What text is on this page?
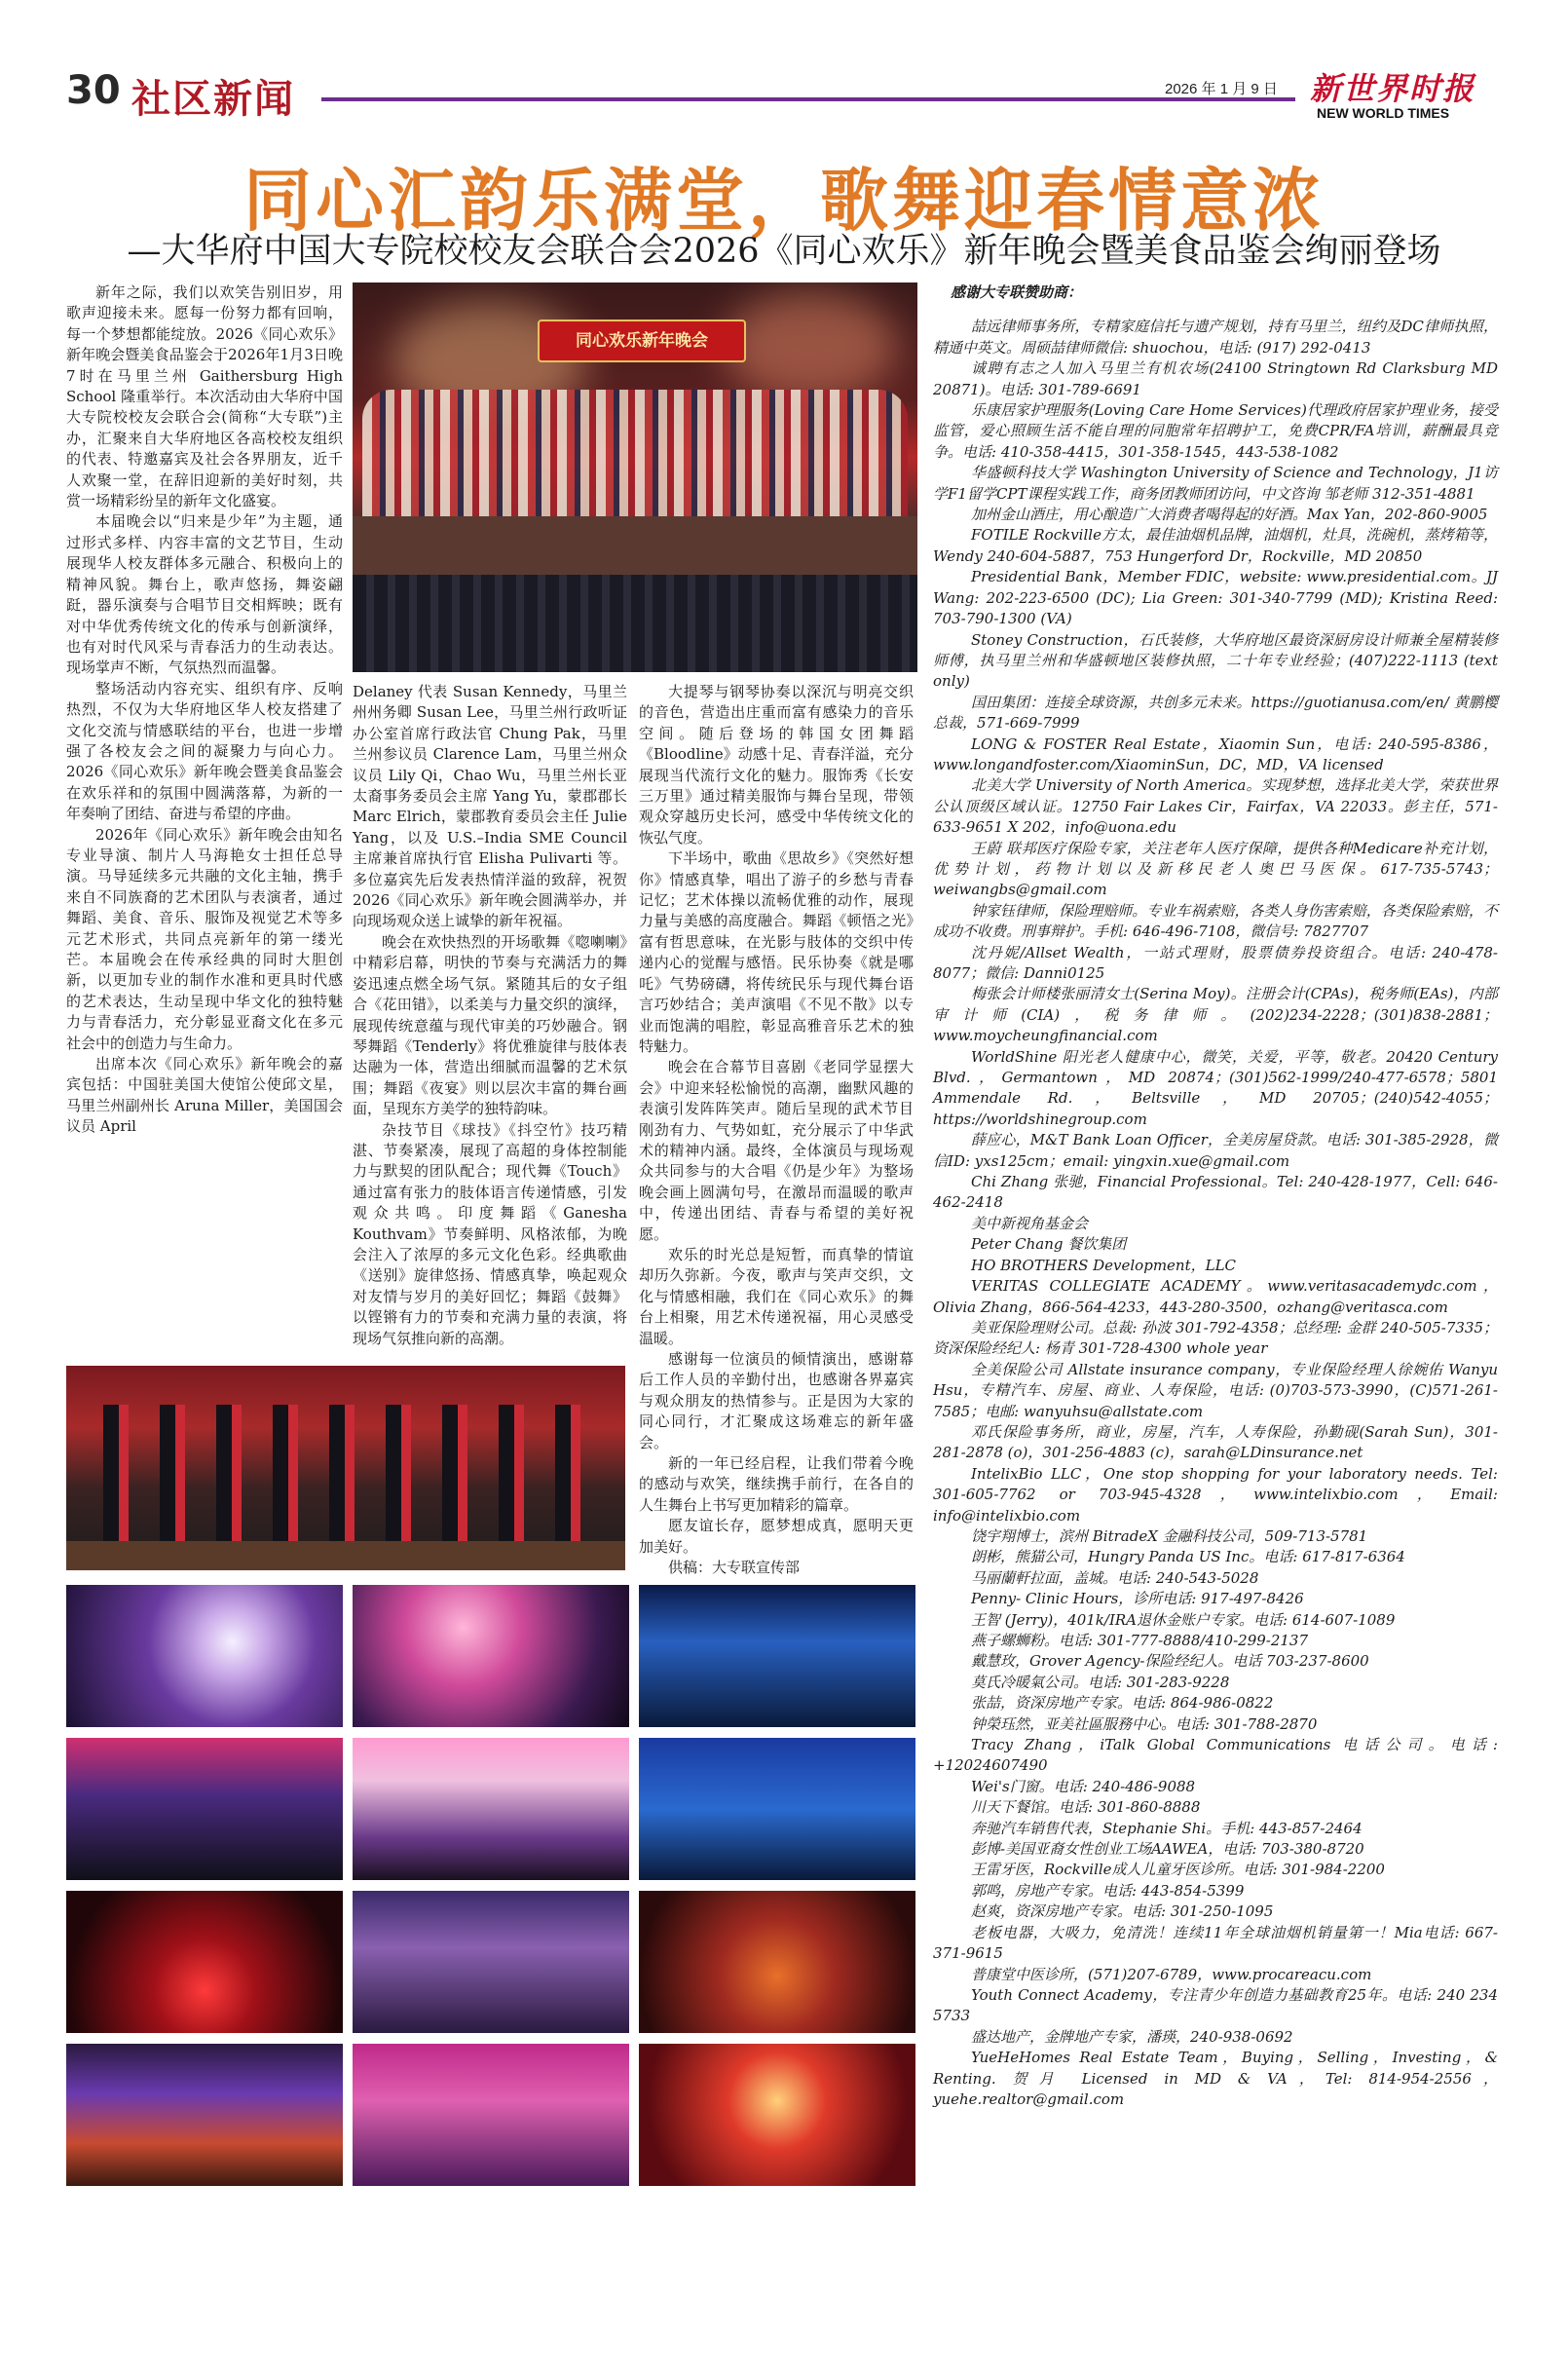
30 社区新闻	2026 年 1 月 9 日 新世界时报
NEW WORLD TIMES
同心汇韵乐满堂，歌舞迎春情意浓
—大华府中国大专院校校友会联合会2026《同心欢乐》新年晚会暨美食品鉴会绚丽登场
同心欢乐新年晚会

新年之际，我们以欢笑告别旧岁，用歌声迎接未来。愿每一份努力都有回响，每一个梦想都能绽放。2026《同心欢乐》新年晚会暨美食品鉴会于2026年1月3日晚7时在马里兰州 Gaithersburg High School 隆重举行。本次活动由大华府中国大专院校校友会联合会(简称“大专联”)主办，汇聚来自大华府地区各高校校友组织的代表、特邀嘉宾及社会各界朋友，近千人欢聚一堂，在辞旧迎新的美好时刻，共赏一场精彩纷呈的新年文化盛宴。

本届晚会以“归来是少年”为主题，通过形式多样、内容丰富的文艺节目，生动展现华人校友群体多元融合、积极向上的精神风貌。舞台上，歌声悠扬，舞姿翩跹，器乐演奏与合唱节目交相辉映；既有对中华优秀传统文化的传承与创新演绎，也有对时代风采与青春活力的生动表达。现场掌声不断，气氛热烈而温馨。

整场活动内容充实、组织有序、反响热烈，不仅为大华府地区华人校友搭建了文化交流与情感联结的平台，也进一步增强了各校友会之间的凝聚力与向心力。2026《同心欢乐》新年晚会暨美食品鉴会在欢乐祥和的氛围中圆满落幕，为新的一年奏响了团结、奋进与希望的序曲。

2026年《同心欢乐》新年晚会由知名专业导演、制片人马海艳女士担任总导演。马导延续多元共融的文化主轴，携手来自不同族裔的艺术团队与表演者，通过舞蹈、美食、音乐、服饰及视觉艺术等多元艺术形式，共同点亮新年的第一缕光芒。本届晚会在传承经典的同时大胆创新，以更加专业的制作水准和更具时代感的艺术表达，生动呈现中华文化的独特魅力与青春活力，充分彰显亚裔文化在多元社会中的创造力与生命力。

出席本次《同心欢乐》新年晚会的嘉宾包括：中国驻美国大使馆公使邱文星，马里兰州副州长 Aruna Miller，美国国会议员 April

Delaney 代表 Susan Kennedy，马里兰州州务卿 Susan Lee，马里兰州行政听证办公室首席行政法官 Chung Pak，马里兰州参议员 Clarence Lam，马里兰州众议员 Lily Qi，Chao Wu，马里兰州长亚太裔事务委员会主席 Yang Yu，蒙郡郡长 Marc Elrich，蒙郡教育委员会主任 Julie Yang，以及 U.S.–India SME Council 主席兼首席执行官 Elisha Pulivarti 等。多位嘉宾先后发表热情洋溢的致辞，祝贺2026《同心欢乐》新年晚会圆满举办，并向现场观众送上诚挚的新年祝福。

晚会在欢快热烈的开场歌舞《唿喇喇》中精彩启幕，明快的节奏与充满活力的舞姿迅速点燃全场气氛。紧随其后的女子组合《花田错》，以柔美与力量交织的演绎，展现传统意蕴与现代审美的巧妙融合。钢琴舞蹈《Tenderly》将优雅旋律与肢体表达融为一体，营造出细腻而温馨的艺术氛围；舞蹈《夜宴》则以层次丰富的舞台画面，呈现东方美学的独特韵味。

杂技节目《球技》《抖空竹》技巧精湛、节奏紧凑，展现了高超的身体控制能力与默契的团队配合；现代舞《Touch》通过富有张力的肢体语言传递情感，引发观众共鸣。印度舞蹈《Ganesha Kouthvam》节奏鲜明、风格浓郁，为晚会注入了浓厚的多元文化色彩。经典歌曲《送别》旋律悠扬、情感真挚，唤起观众对友情与岁月的美好回忆；舞蹈《鼓舞》以铿锵有力的节奏和充满力量的表演，将现场气氛推向新的高潮。

大提琴与钢琴协奏以深沉与明亮交织的音色，营造出庄重而富有感染力的音乐空间。随后登场的韩国女团舞蹈《Bloodline》动感十足、青春洋溢，充分展现当代流行文化的魅力。服饰秀《长安三万里》通过精美服饰与舞台呈现，带领观众穿越历史长河，感受中华传统文化的恢弘气度。

下半场中，歌曲《思故乡》《突然好想你》情感真挚，唱出了游子的乡愁与青春记忆；艺术体操以流畅优雅的动作，展现力量与美感的高度融合。舞蹈《顿悟之光》富有哲思意味，在光影与肢体的交织中传递内心的觉醒与感悟。民乐协奏《就是哪吒》气势磅礴，将传统民乐与现代舞台语言巧妙结合；美声演唱《不见不散》以专业而饱满的唱腔，彰显高雅音乐艺术的独特魅力。

晚会在合幕节目喜剧《老同学显摆大会》中迎来轻松愉悦的高潮，幽默风趣的表演引发阵阵笑声。随后呈现的武术节目刚劲有力、气势如虹，充分展示了中华武术的精神内涵。最终，全体演员与现场观众共同参与的大合唱《仍是少年》为整场晚会画上圆满句号，在激昂而温暖的歌声中，传递出团结、青春与希望的美好祝愿。

欢乐的时光总是短暂，而真挚的情谊却历久弥新。今夜，歌声与笑声交织，文化与情感相融，我们在《同心欢乐》的舞台上相聚，用艺术传递祝福，用心灵感受温暖。

感谢每一位演员的倾情演出，感谢幕后工作人员的辛勤付出，也感谢各界嘉宾与观众朋友的热情参与。正是因为大家的同心同行，才汇聚成这场难忘的新年盛会。

新的一年已经启程，让我们带着今晚的感动与欢笑，继续携手前行，在各自的人生舞台上书写更加精彩的篇章。

愿友谊长存，愿梦想成真，愿明天更加美好。

供稿：大专联宣传部

感谢大专联赞助商：

喆远律师事务所，专精家庭信托与遗产规划，持有马里兰，纽约及DC律师执照，精通中英文。周硕喆律师微信: shuochou，电话: (917) 292-0413

诚聘有志之人加入马里兰有机农场(24100 Stringtown Rd Clarksburg MD 20871)。电话: 301-789-6691

乐康居家护理服务(Loving Care Home Services)代理政府居家护理业务，接受监管，爱心照顾生活不能自理的同胞常年招聘护工，免费CPR/FA培训，薪酬最具竞争。电话: 410-358-4415，301-358-1545，443-538-1082

华盛顿科技大学 Washington University of Science and Technology，J1访学F1留学CPT课程实践工作，商务团教师团访问，中文咨询 邹老师 312-351-4881

加州金山酒庄，用心酿造广大消费者喝得起的好酒。Max Yan，202-860-9005

FOTILE Rockville方太，最佳油烟机品牌，油烟机，灶具，洗碗机，蒸烤箱等，Wendy 240-604-5887，753 Hungerford Dr，Rockville，MD 20850

Presidential Bank，Member FDIC，website: www.presidential.com。JJ Wang: 202-223-6500 (DC); Lia Green: 301-340-7799 (MD); Kristina Reed: 703-790-1300 (VA)

Stoney Construction，石氏装修，大华府地区最资深厨房设计师兼全屋精装修师傅，执马里兰州和华盛顿地区装修执照，二十年专业经验；(407)222-1113 (text only)

国田集团：连接全球资源，共创多元未来。https://guotianusa.com/en/ 黄鹏樱总裁，571-669-7999

LONG & FOSTER Real Estate，Xiaomin Sun，电话: 240-595-8386，www.longandfoster.com/XiaominSun，DC，MD，VA licensed

北美大学 University of North America。实现梦想，选择北美大学，荣获世界公认顶级区域认证。12750 Fair Lakes Cir，Fairfax，VA 22033。彭主任，571-633-9651 X 202，info@uona.edu

王蔚 联邦医疗保险专家，关注老年人医疗保障，提供各种Medicare补充计划，优势计划，药物计划以及新移民老人奥巴马医保。617-735-5743；weiwangbs@gmail.com

钟家钰律师，保险理赔师。专业车祸索赔，各类人身伤害索赔，各类保险索赔，不成功不收费。刑事辩护。手机: 646-496-7108，微信号: 7827707

沈丹妮/Allset Wealth，一站式理财，股票债券投资组合。电话: 240-478-8077；微信: Danni0125

梅张会计师楼张丽清女士(Serina Moy)。注册会计(CPAs)，税务师(EAs)，内部审计师(CIA)，税务律师。(202)234-2228；(301)838-2881；www.moycheungfinancial.com

WorldShine 阳光老人健康中心，微笑，关爱，平等，敬老。20420 Century Blvd.，Germantown，MD 20874；(301)562-1999/240-477-6578；5801 Ammendale Rd.，Beltsville，MD 20705；(240)542-4055；https://worldshinegroup.com

薛应心，M&T Bank Loan Officer，全美房屋贷款。电话: 301-385-2928，微信ID: yxs125cm；email: yingxin.xue@gmail.com

Chi Zhang 张驰，Financial Professional。Tel: 240-428-1977，Cell: 646-462-2418

美中新视角基金会

Peter Chang 餐饮集团

HO BROTHERS Development，LLC

VERITAS COLLEGIATE ACADEMY。www.veritasacademydc.com，Olivia Zhang，866-564-4233，443-280-3500，ozhang@veritasca.com

美亚保险理财公司。总裁: 孙波 301-792-4358；总经理: 金群 240-505-7335；资深保险经纪人: 杨青 301-728-4300 whole year

全美保险公司 Allstate insurance company，专业保险经理人徐婉佑 Wanyu Hsu，专精汽车、房屋、商业、人寿保险，电话: (0)703-573-3990，(C)571-261-7585；电邮: wanyuhsu@allstate.com

邓氏保险事务所，商业，房屋，汽车，人寿保险，孙勤砚(Sarah Sun)，301-281-2878 (o)，301-256-4883 (c)，sarah@LDinsurance.net

IntelixBio LLC，One stop shopping for your laboratory needs. Tel: 301-605-7762 or 703-945-4328，www.intelixbio.com，Email: info@intelixbio.com

饶宇翔博士，滨州 BitradeX 金融科技公司，509-713-5781

朗彬，熊猫公司，Hungry Panda US Inc。电话: 617-817-6364

马丽蘭軒拉面，盖城。电话: 240-543-5028

Penny- Clinic Hours，诊所电话: 917-497-8426

王智 (Jerry)，401k/IRA退休金账户专家。电话: 614-607-1089

燕子螺蛳粉。电话: 301-777-8888/410-299-2137

戴慧玫，Grover Agency-保险经纪人。电话 703-237-8600

莫氏冷暖氣公司。电话: 301-283-9228

张喆，资深房地产专家。电话: 864-986-0822

钟榮珏然，亚美社區服務中心。电话: 301-788-2870

Tracy Zhang，iTalk Global Communications 电话公司。电话: +12024607490

Wei's门窗。电话: 240-486-9088

川天下餐馆。电话: 301-860-8888

奔驰汽车销售代表，Stephanie Shi。手机: 443-857-2464

彭博-美国亚裔女性创业工场AAWEA，电话: 703-380-8720

王雷牙医，Rockville成人儿童牙医诊所。电话: 301-984-2200

郭鸣，房地产专家。电话: 443-854-5399

赵爽，资深房地产专家。电话: 301-250-1095

老板电器，大吸力，免清洗！连续11年全球油烟机销量第一！Mia电话: 667-371-9615

普康堂中医诊所，(571)207-6789，www.procareacu.com

Youth Connect Academy，专注青少年创造力基础教育25年。电话: 240 234 5733

盛达地产，金牌地产专家，潘瑛，240-938-0692

YueHeHomes Real Estate Team，Buying，Selling，Investing，& Renting. 贺月 Licensed in MD & VA，Tel: 814-954-2556，yuehe.realtor@gmail.com
